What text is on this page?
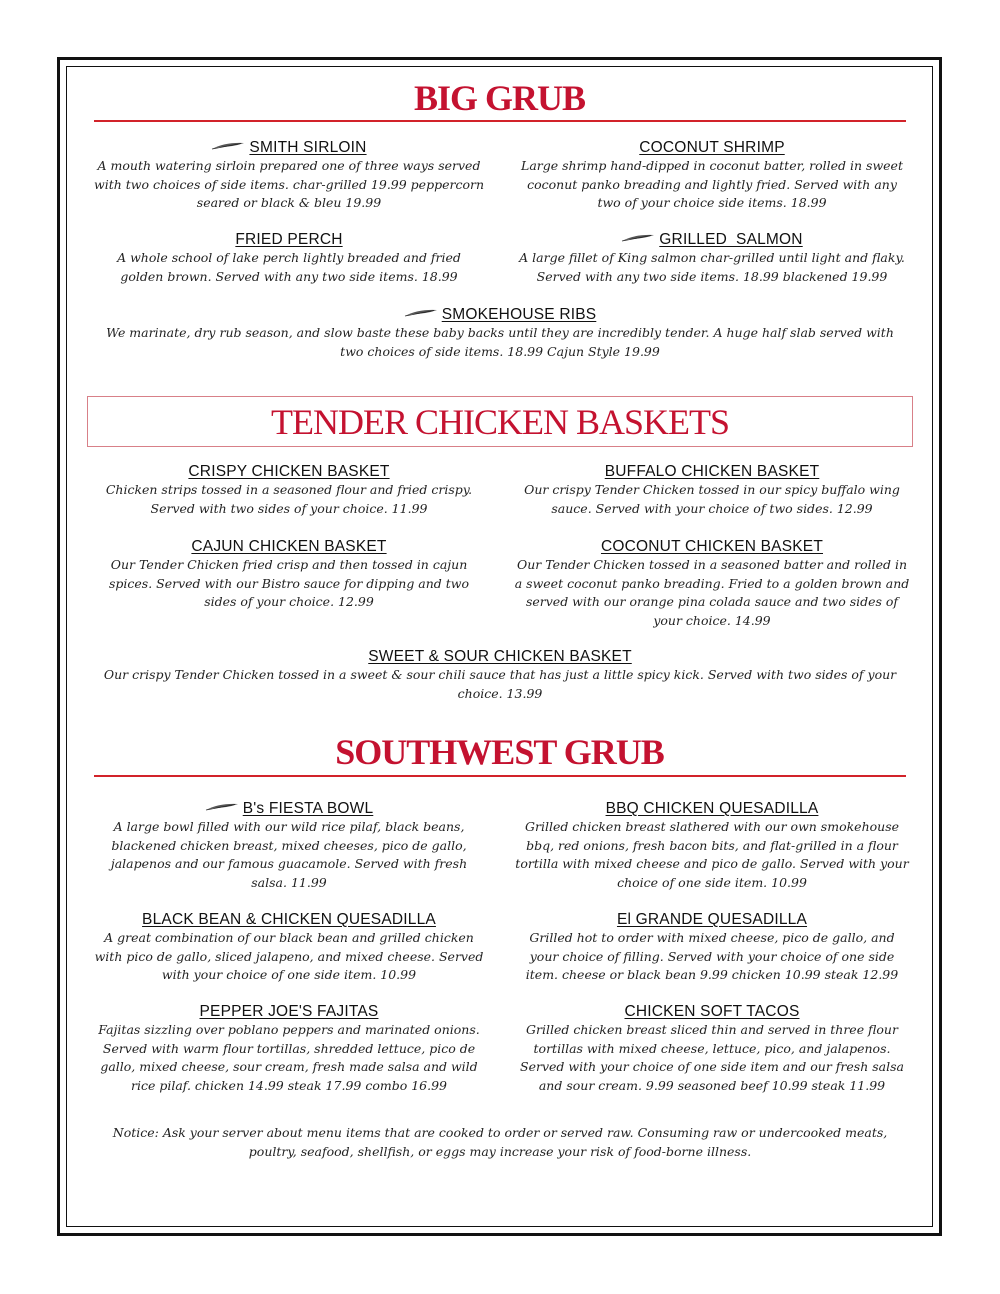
BIG GRUB
SMITH SIRLOIN
A mouth watering sirloin prepared one of three ways served with two choices of side items. char-grilled 19.99 peppercorn seared or black & bleu 19.99
COCONUT SHRIMP
Large shrimp hand-dipped in coconut batter, rolled in sweet coconut panko breading and lightly fried. Served with any two of your choice side items. 18.99
FRIED PERCH
A whole school of lake perch lightly breaded and fried golden brown. Served with any two side items. 18.99
GRILLED  SALMON
A large fillet of King salmon char-grilled until light and flaky. Served with any two side items. 18.99 blackened 19.99
SMOKEHOUSE RIBS
We marinate, dry rub season, and slow baste these baby backs until they are incredibly tender. A huge half slab served with two choices of side items. 18.99 Cajun Style 19.99
TENDER CHICKEN BASKETS
CRISPY CHICKEN BASKET
Chicken strips tossed in a seasoned flour and fried crispy. Served with two sides of your choice. 11.99
BUFFALO CHICKEN BASKET
Our crispy Tender Chicken tossed in our spicy buffalo wing sauce. Served with your choice of two sides. 12.99
CAJUN CHICKEN BASKET
Our Tender Chicken fried crisp and then tossed in cajun spices. Served with our Bistro sauce for dipping and two sides of your choice. 12.99
COCONUT CHICKEN BASKET
Our Tender Chicken tossed in a seasoned batter and rolled in a sweet coconut panko breading. Fried to a golden brown and served with our orange pina colada sauce and two sides of your choice. 14.99
SWEET & SOUR CHICKEN BASKET
Our crispy Tender Chicken tossed in a sweet & sour chili sauce that has just a little spicy kick. Served with two sides of your choice. 13.99
SOUTHWEST GRUB
B's FIESTA BOWL
A large bowl filled with our wild rice pilaf, black beans, blackened chicken breast, mixed cheeses, pico de gallo, jalapenos and our famous guacamole. Served with fresh salsa. 11.99
BBQ CHICKEN QUESADILLA
Grilled chicken breast slathered with our own smokehouse bbq, red onions, fresh bacon bits, and flat-grilled in a flour tortilla with mixed cheese and pico de gallo. Served with your choice of one side item. 10.99
BLACK BEAN & CHICKEN QUESADILLA
A great combination of our black bean and grilled chicken with pico de gallo, sliced jalapeno, and mixed cheese. Served with your choice of one side item. 10.99
El GRANDE QUESADILLA
Grilled hot to order with mixed cheese, pico de gallo, and your choice of filling. Served with your choice of one side item. cheese or black bean 9.99 chicken 10.99 steak 12.99
PEPPER JOE'S FAJITAS
Fajitas sizzling over poblano peppers and marinated onions. Served with warm flour tortillas, shredded lettuce, pico de gallo, mixed cheese, sour cream, fresh made salsa and wild rice pilaf. chicken 14.99 steak 17.99 combo 16.99
CHICKEN SOFT TACOS
Grilled chicken breast sliced thin and served in three flour tortillas with mixed cheese, lettuce, pico, and jalapenos. Served with your choice of one side item and our fresh salsa and sour cream. 9.99 seasoned beef 10.99 steak 11.99
Notice: Ask your server about menu items that are cooked to order or served raw. Consuming raw or undercooked meats, poultry, seafood, shellfish, or eggs may increase your risk of food-borne illness.
